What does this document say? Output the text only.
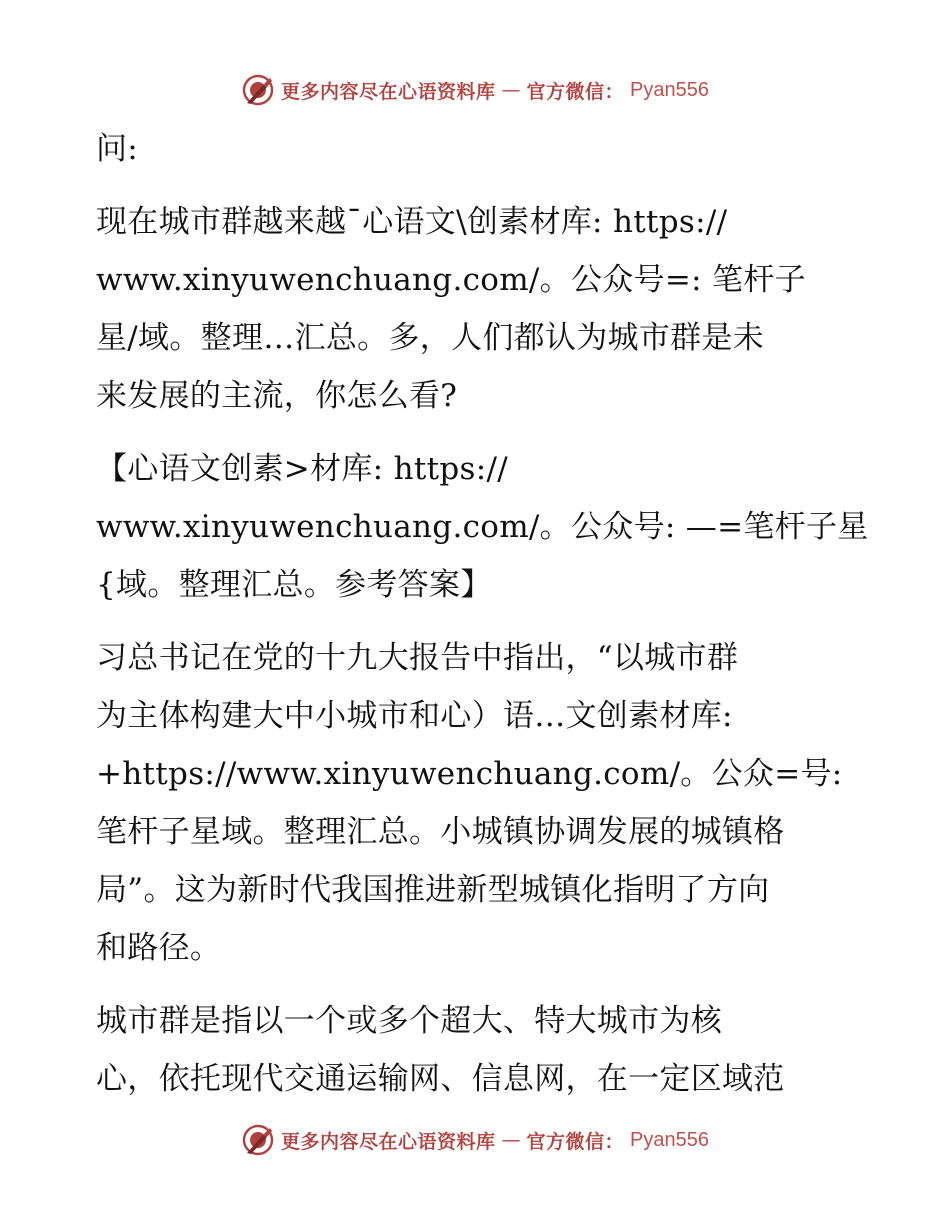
更多内容尽在心语资料库 — 官方微信： Pyan556
问:
现在城市群越来越¯心语文\创素材库: https://
www.xinyuwenchuang.com/。公众号=: 笔杆子
星/域。整理…汇总。多，人们都认为城市群是未
来发展的主流，你怎么看?
【心语文创素>材库: https://
www.xinyuwenchuang.com/。公众号: —=笔杆子星
{域。整理汇总。参考答案】
习总书记在党的十九大报告中指出，“以城市群
为主体构建大中小城市和心）语…文创素材库:
+https://www.xinyuwenchuang.com/。公众=号:
笔杆子星域。整理汇总。小城镇协调发展的城镇格
局”。这为新时代我国推进新型城镇化指明了方向
和路径。
城市群是指以一个或多个超大、特大城市为核
心，依托现代交通运输网、信息网，在一定区域范
更多内容尽在心语资料库 — 官方微信： Pyan556
